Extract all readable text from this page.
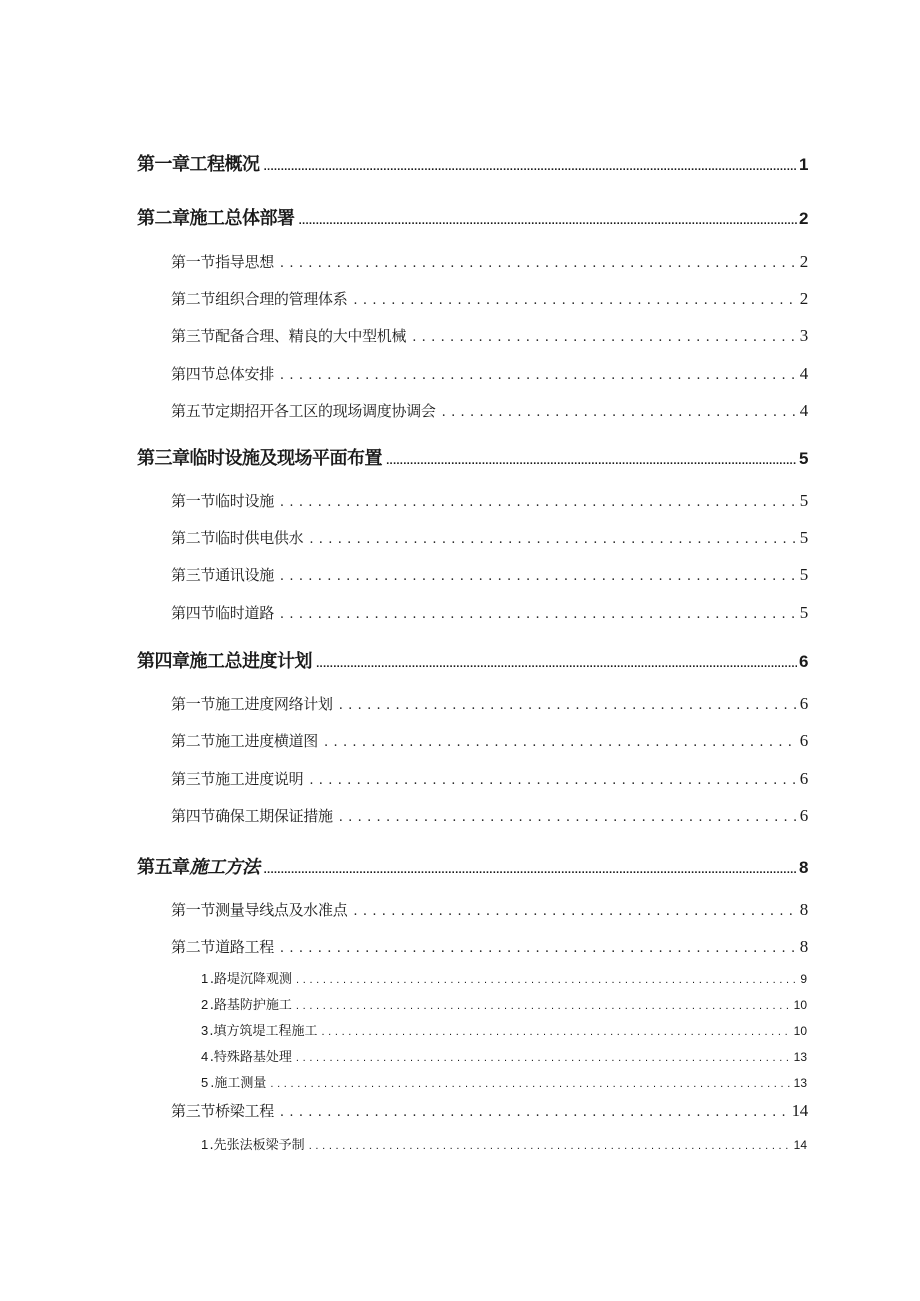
第一章工程概况 .....	1
第二章施工总体部署 .....	2
第一节指导思想 . . .	2
第二节组织合理的管理体系 . . .	2
第三节配备合理、精良的大中型机械 . . .	3
第四节总体安排 . . .	4
第五节定期招开各工区的现场调度协调会 . . .	4
第三章临时设施及现场平面布置 .....	5
第一节临时设施 . . .	5
第二节临时供电供水 . . .	5
第三节通讯设施 . . .	5
第四节临时道路 . . .	5
第四章施工总进度计划 .....	6
第一节施工进度网络计划 . . .	6
第二节施工进度横道图 . . .	6
第三节施工进度说明 . . .	6
第四节确保工期保证措施 . . .	6
第五章施工方法 .....	8
第一节测量导线点及水准点 . . .	8
第二节道路工程 . . .	8
1 .路堤沉降观测 . . .	9
2 .路基防护施工 . . .	10
3 .填方筑堤工程施工 . . .	10
4 .特殊路基处理 . . .	13
5 .施工测量 . . .	13
第三节桥梁工程 . . .	14
1 .先张法板梁予制 . . .	14
